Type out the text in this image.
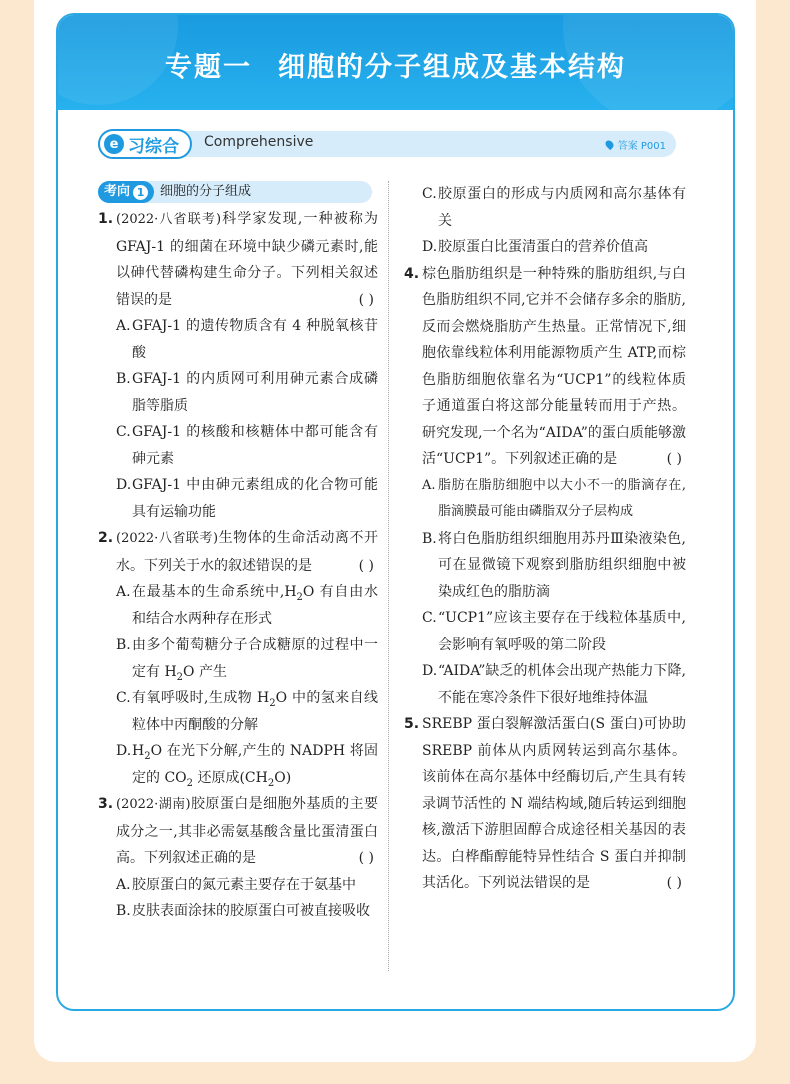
专题一 细胞的分子组成及基本结构
e 习综合 Comprehensive	答案 P001
考向 1 细胞的分子组成
1. (2022·八省联考)科学家发现,一种被称为 GFAJ-1 的细菌在环境中缺少磷元素时,能以砷代替磷构建生命分子。下列相关叙述错误的是	( )
A. GFAJ-1 的遗传物质含有 4 种脱氧核苷酸
B. GFAJ-1 的内质网可利用砷元素合成磷脂等脂质
C. GFAJ-1 的核酸和核糖体中都可能含有砷元素
D. GFAJ-1 中由砷元素组成的化合物可能具有运输功能
2. (2022·八省联考)生物体的生命活动离不开水。下列关于水的叙述错误的是	( )
A. 在最基本的生命系统中$,H_2O$ 有自由水和结合水两种存在形式
B. 由多个葡萄糖分子合成糖原的过程中一定有 $H_2O$ 产生
C. 有氧呼吸时,生成物 $H_2O$ 中的氢来自线粒体中丙酮酸的分解
D. $H_2O$ 在光下分解,产生的 NADPH 将固定的 $CO_2$ 还原成$(CH_2O)$
3. (2022·湖南)胶原蛋白是细胞外基质的主要成分之一,其非必需氨基酸含量比蛋清蛋白高。下列叙述正确的是	( )
A. 胶原蛋白的氮元素主要存在于氨基中
B. 皮肤表面涂抹的胶原蛋白可被直接吸收
C. 胶原蛋白的形成与内质网和高尔基体有关
D. 胶原蛋白比蛋清蛋白的营养价值高
4. 棕色脂肪组织是一种特殊的脂肪组织,与白色脂肪组织不同,它并不会储存多余的脂肪,反而会燃烧脂肪产生热量。正常情况下,细胞依靠线粒体利用能源物质产生 ATP,而棕色脂肪细胞依靠名为“UCP1”的线粒体质子通道蛋白将这部分能量转而用于产热。研究发现,一个名为“AIDA”的蛋白质能够激活“UCP1”。下列叙述正确的是	( )
A. 脂肪在脂肪细胞中以大小不一的脂滴存在,脂滴膜最可能由磷脂双分子层构成
B. 将白色脂肪组织细胞用苏丹Ⅲ染液染色,可在显微镜下观察到脂肪组织细胞中被染成红色的脂肪滴
C. “UCP1”应该主要存在于线粒体基质中,会影响有氧呼吸的第二阶段
D. “AIDA”缺乏的机体会出现产热能力下降,不能在寒冷条件下很好地维持体温
5. SREBP 蛋白裂解激活蛋白(S 蛋白)可协助 SREBP 前体从内质网转运到高尔基体。该前体在高尔基体中经酶切后,产生具有转录调节活性的 N 端结构域,随后转运到细胞核,激活下游胆固醇合成途径相关基因的表达。白桦酯醇能特异性结合 S 蛋白并抑制其活化。下列说法错误的是	( )
